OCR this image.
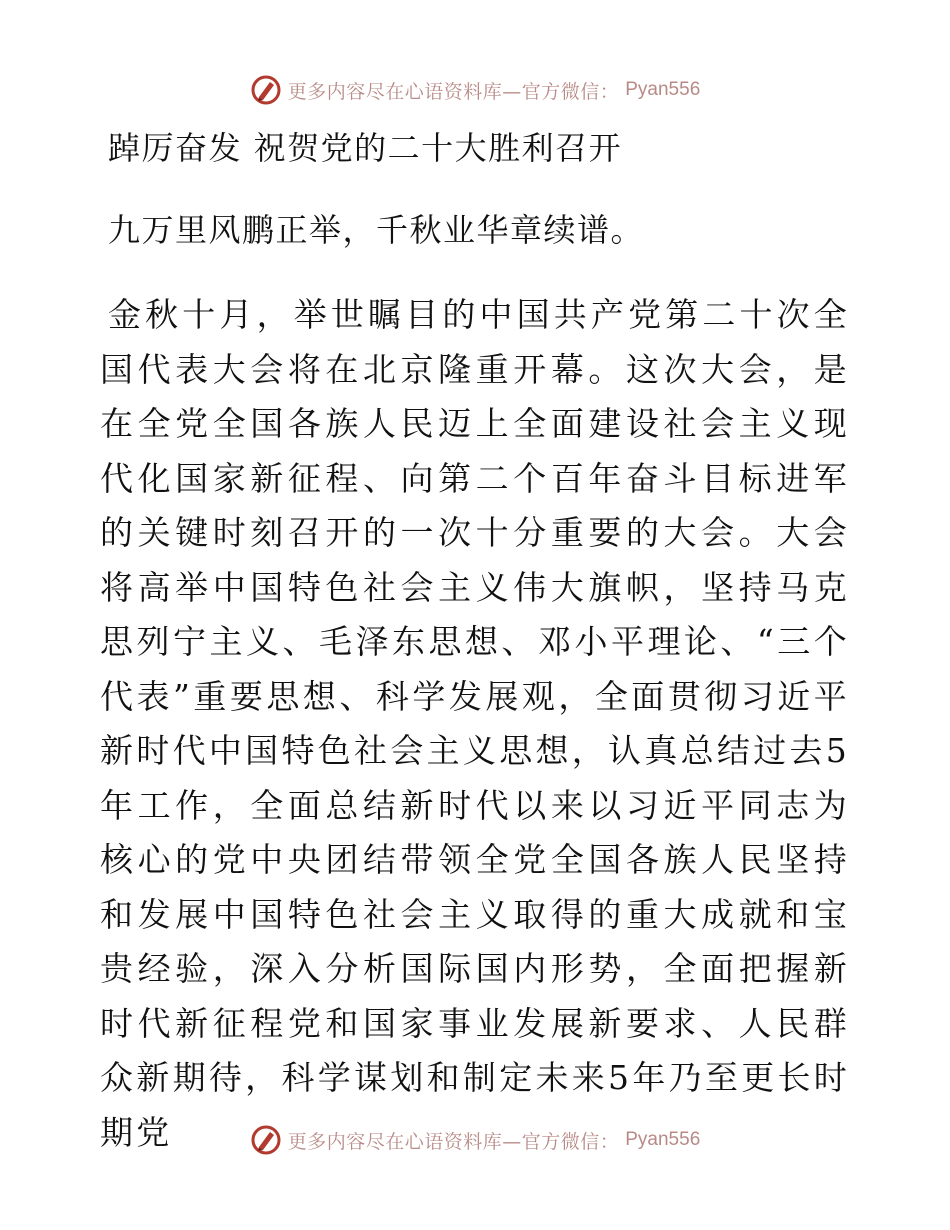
更多内容尽在心语资料库—官方微信： Pyan556

踔厉奋发 祝贺党的二十大胜利召开

九万里风鹏正举，千秋业华章续谱。

金秋十月，举世瞩目的中国共产党第二十次全国代表大会将在北京隆重开幕。这次大会，是在全党全国各族人民迈上全面建设社会主义现代化国家新征程、向第二个百年奋斗目标进军的关键时刻召开的一次十分重要的大会。大会将高举中国特色社会主义伟大旗帜，坚持马克思列宁主义、毛泽东思想、邓小平理论、“三个代表”重要思想、科学发展观，全面贯彻习近平新时代中国特色社会主义思想，认真总结过去5年工作，全面总结新时代以来以习近平同志为核心的党中央团结带领全党全国各族人民坚持和发展中国特色社会主义取得的重大成就和宝贵经验，深入分析国际国内形势，全面把握新时代新征程党和国家事业发展新要求、人民群众新期待，科学谋划和制定未来5年乃至更长时期党	更多内容尽在心语资料库—官方微信： Pyan556
